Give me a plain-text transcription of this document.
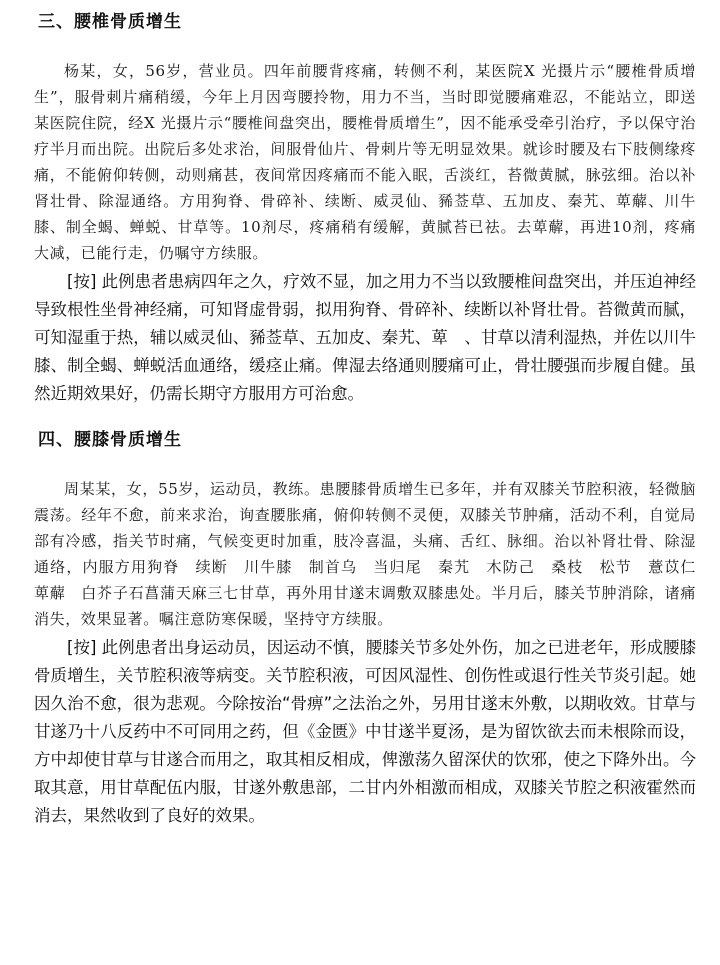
三、腰椎骨质增生

杨某，女，56岁，营业员。四年前腰背疼痛，转侧不利，某医院X 光摄片示“腰椎骨质增生”，服骨刺片痛稍缓，今年上月因弯腰拎物，用力不当，当时即觉腰痛难忍，不能站立，即送某医院住院，经X 光摄片示“腰椎间盘突出，腰椎骨质增生”，因不能承受牵引治疗，予以保守治疗半月而出院。出院后多处求治，间服骨仙片、骨刺片等无明显效果。就诊时腰及右下肢侧缘疼痛，不能俯仰转侧，动则痛甚，夜间常因疼痛而不能入眠，舌淡红，苔微黄腻，脉弦细。治以补肾壮骨、除湿通络。方用狗脊、骨碎补、续断、威灵仙、豨莶草、五加皮、秦艽、萆薢、川牛膝、制全蝎、蝉蜕、甘草等。10剂尽，疼痛稍有缓解，黄腻苔已祛。去萆薢，再进10剂，疼痛大减，已能行走，仍嘱守方续服。

[按] 此例患者患病四年之久，疗效不显，加之用力不当以致腰椎间盘突出，并压迫神经导致根性坐骨神经痛，可知肾虚骨弱，拟用狗脊、骨碎补、续断以补肾壮骨。苔微黄而腻，可知湿重于热，辅以威灵仙、豨莶草、五加皮、秦艽、萆　、甘草以清利湿热，并佐以川牛膝、制全蝎、蝉蜕活血通络，缓痉止痛。俾湿去络通则腰痛可止，骨壮腰强而步履自健。虽然近期效果好，仍需长期守方服用方可治愈。

四、腰膝骨质增生

周某某，女，55岁，运动员，教练。患腰膝骨质增生已多年，并有双膝关节腔积液，轻微脑震荡。经年不愈，前来求治，询查腰胀痛，俯仰转侧不灵便，双膝关节肿痛，活动不利，自觉局部有冷感，指关节时痛，气候变更时加重，肢冷喜温，头痛、舌红、脉细。治以补肾壮骨、除湿通络，内服方用狗脊　续断　川牛膝　制首乌　当归尾　秦艽　木防己　桑枝　松节　薏苡仁　萆薢　白芥子石菖蒲天麻三七甘草，再外用甘遂末调敷双膝患处。半月后，膝关节肿消除，诸痛消失，效果显著。嘱注意防寒保暖，坚持守方续服。

[按] 此例患者出身运动员，因运动不慎，腰膝关节多处外伤，加之已进老年，形成腰膝骨质增生，关节腔积液等病变。关节腔积液，可因风湿性、创伤性或退行性关节炎引起。她因久治不愈，很为悲观。今除按治“骨痹”之法治之外，另用甘遂末外敷，以期收效。甘草与甘遂乃十八反药中不可同用之药，但《金匮》中甘遂半夏汤，是为留饮欲去而未根除而设，方中却使甘草与甘遂合而用之，取其相反相成，俾激荡久留深伏的饮邪，使之下降外出。今取其意，用甘草配伍内服，甘遂外敷患部，二甘内外相激而相成，双膝关节腔之积液霍然而消去，果然收到了良好的效果。
